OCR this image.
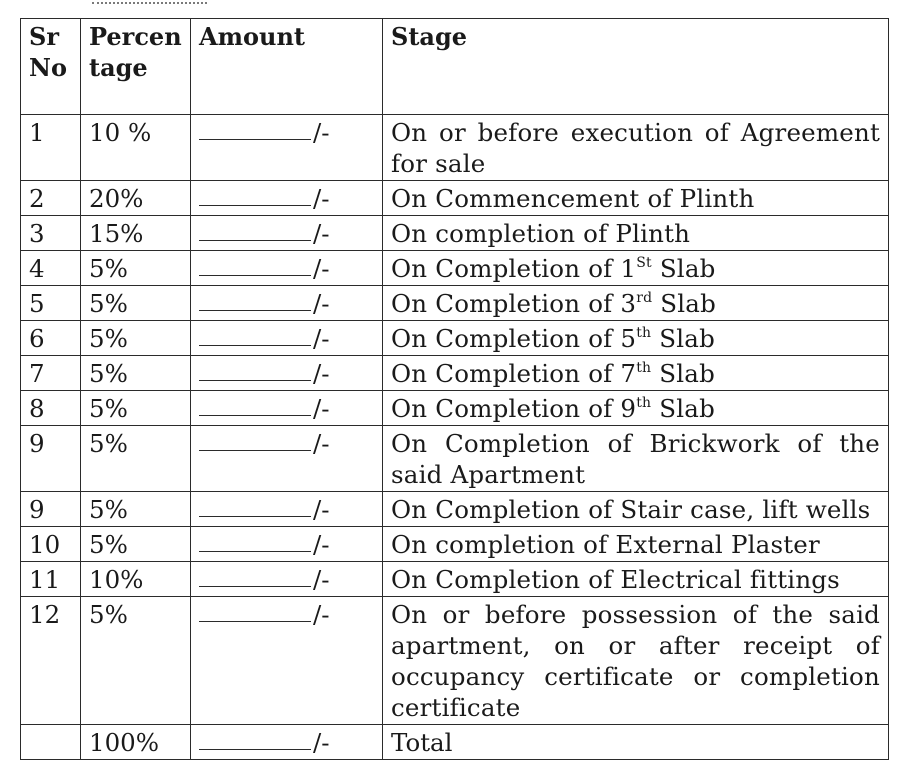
Sr No	Percentage	Amount	Stage
1	10 %	/-	On or before execution of Agreement for sale
2	20%	/-	On Commencement of Plinth
3	15%	/-	On completion of Plinth
4	5%	/-	On Completion of 1St Slab
5	5%	/-	On Completion of 3rd Slab
6	5%	/-	On Completion of 5th Slab
7	5%	/-	On Completion of 7th Slab
8	5%	/-	On Completion of 9th Slab
9	5%	/-	On Completion of Brickwork of the said Apartment
9	5%	/-	On Completion of Stair case, lift wells
10	5%	/-	On completion of External Plaster
11	10%	/-	On Completion of Electrical fittings
12	5%	/-	On or before possession of the said apartment, on or after receipt of occupancy certificate or completion certificate
	100%	/-	Total
